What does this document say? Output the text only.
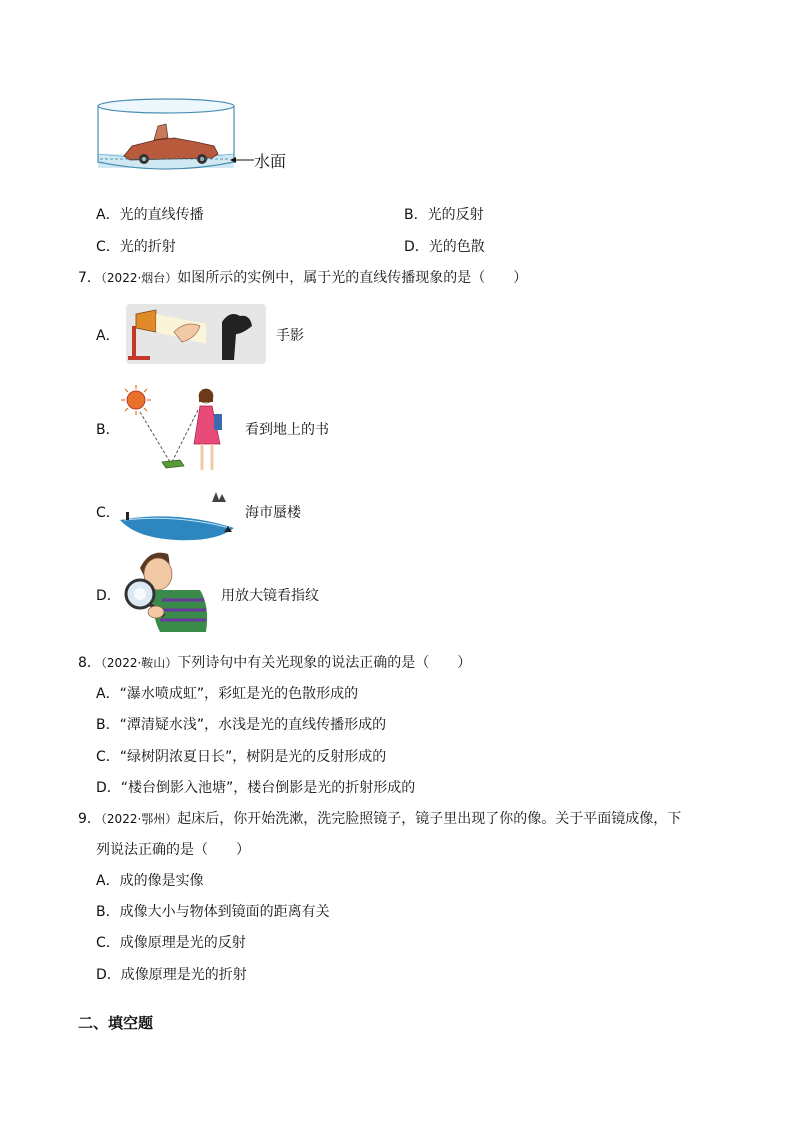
水面
A．光的直线传播	B．光的反射
C．光的折射	D．光的色散
7．（2022·烟台）如图所示的实例中，属于光的直线传播现象的是（　　）
A．	手影
B．	看到地上的书
C．	海市蜃楼
D．	用放大镜看指纹
8．（2022·鞍山）下列诗句中有关光现象的说法正确的是（　　）
A．“瀑水喷成虹”，彩虹是光的色散形成的
B．“潭清疑水浅”，水浅是光的直线传播形成的
C．“绿树阴浓夏日长”，树阴是光的反射形成的
D．“楼台倒影入池塘”，楼台倒影是光的折射形成的
9．（2022·鄂州）起床后，你开始洗漱，洗完脸照镜子，镜子里出现了你的像。关于平面镜成像，下
列说法正确的是（　　）
A．成的像是实像
B．成像大小与物体到镜面的距离有关
C．成像原理是光的反射
D．成像原理是光的折射
二、填空题
